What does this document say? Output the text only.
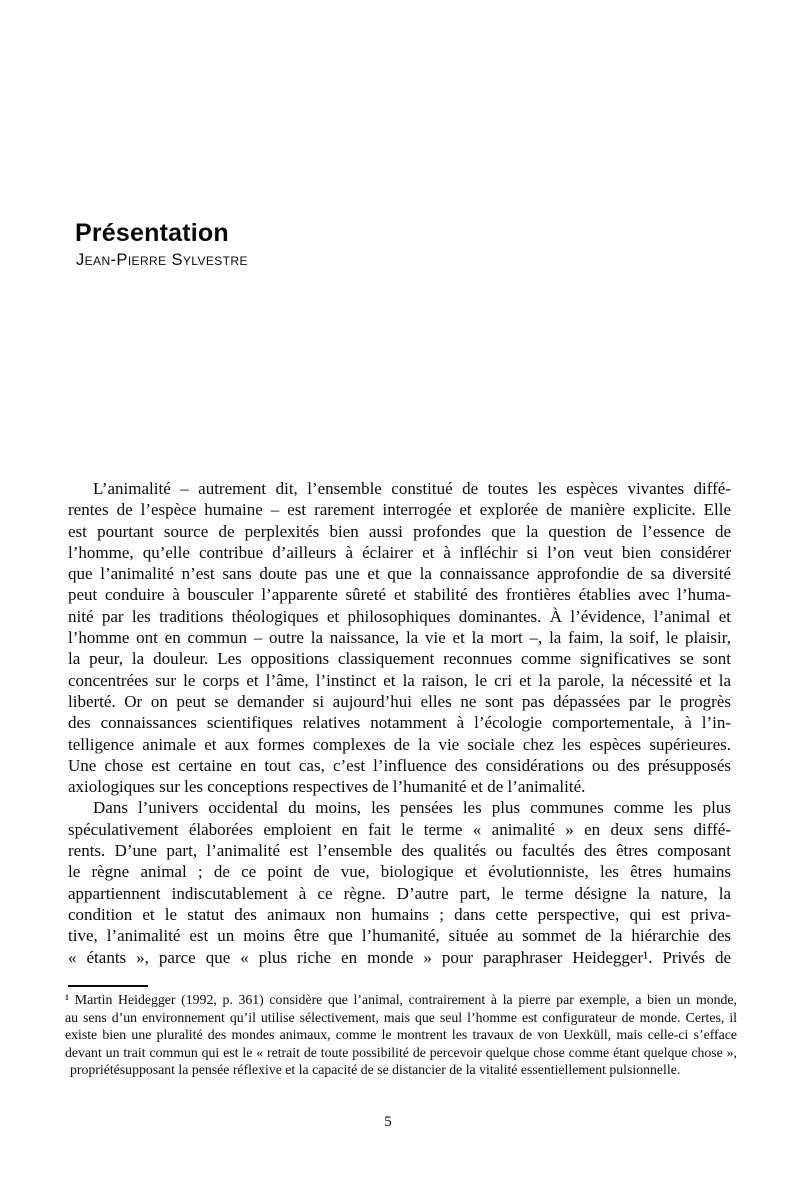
Présentation
Jean-Pierre Sylvestre
L’animalité – autrement dit, l’ensemble constitué de toutes les espèces vivantes diffé-
rentes de l’espèce humaine – est rarement interrogée et explorée de manière explicite. Elle
est pourtant source de perplexités bien aussi profondes que la question de l’essence de
l’homme, qu’elle contribue d’ailleurs à éclairer et à infléchir si l’on veut bien considérer
que l’animalité n’est sans doute pas une et que la connaissance approfondie de sa diversité
peut conduire à bousculer l’apparente sûreté et stabilité des frontières établies avec l’huma-
nité par les traditions théologiques et philosophiques dominantes. À l’évidence, l’animal et
l’homme ont en commun – outre la naissance, la vie et la mort –, la faim, la soif, le plaisir,
la peur, la douleur. Les oppositions classiquement reconnues comme significatives se sont
concentrées sur le corps et l’âme, l’instinct et la raison, le cri et la parole, la nécessité et la
liberté. Or on peut se demander si aujourd’hui elles ne sont pas dépassées par le progrès
des connaissances scientifiques relatives notamment à l’écologie comportementale, à l’in-
telligence animale et aux formes complexes de la vie sociale chez les espèces supérieures.
Une chose est certaine en tout cas, c’est l’influence des considérations ou des présupposés
axiologiques sur les conceptions respectives de l’humanité et de l’animalité.
Dans l’univers occidental du moins, les pensées les plus communes comme les plus
spéculativement élaborées emploient en fait le terme « animalité » en deux sens diffé-
rents. D’une part, l’animalité est l’ensemble des qualités ou facultés des êtres composant
le règne animal ; de ce point de vue, biologique et évolutionniste, les êtres humains
appartiennent indiscutablement à ce règne. D’autre part, le terme désigne la nature, la
condition et le statut des animaux non humains ; dans cette perspective, qui est priva-
tive, l’animalité est un moins être que l’humanité, située au sommet de la hiérarchie des
« étants », parce que « plus riche en monde » pour paraphraser Heidegger¹. Privés de
¹ Martin Heidegger (1992, p. 361) considère que l’animal, contrairement à la pierre par exemple, a bien un monde,
au sens d’un environnement qu’il utilise sélectivement, mais que seul l’homme est configurateur de monde. Certes, il
existe bien une pluralité des mondes animaux, comme le montrent les travaux de von Uexküll, mais celle-ci s’efface
devant un trait commun qui est le « retrait de toute possibilité de percevoir quelque chose comme étant quelque chose »,
propriétésupposant la pensée réflexive et la capacité de se distancier de la vitalité essentiellement pulsionnelle.
5
